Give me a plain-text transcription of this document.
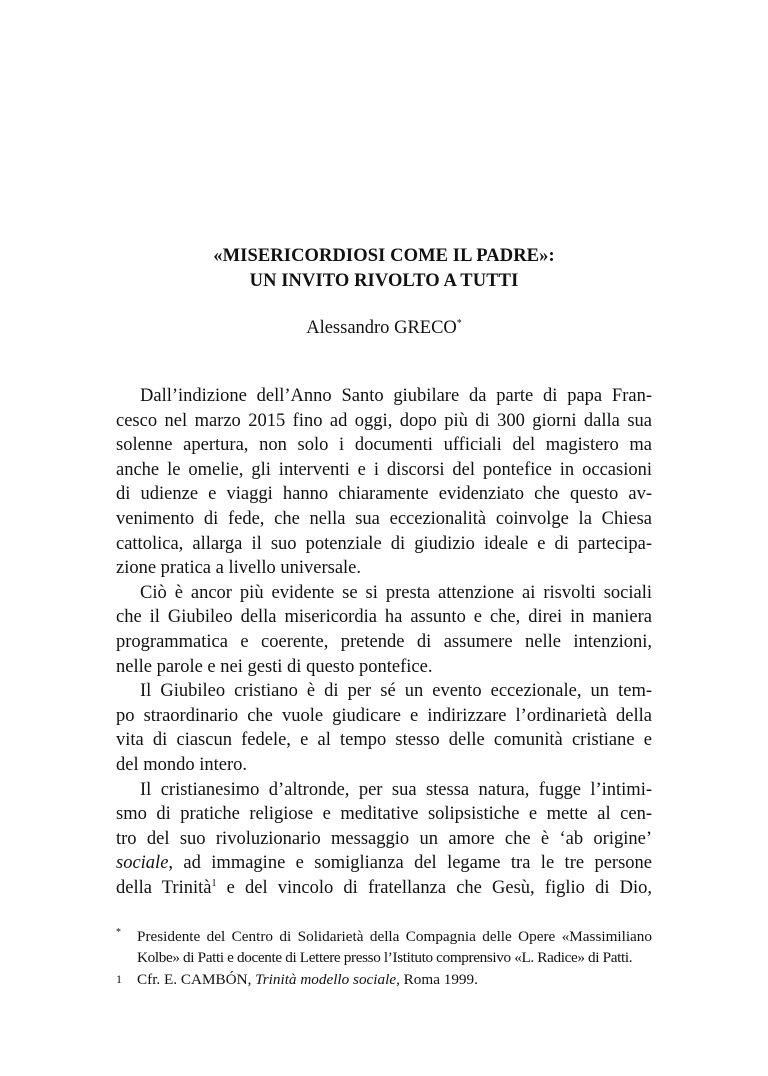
«MISERICORDIOSI COME IL PADRE»:
UN INVITO RIVOLTO A TUTTI
Alessandro GRECO*

Dall’indizione dell’Anno Santo giubilare da parte di papa Fran-
cesco nel marzo 2015 fino ad oggi, dopo più di 300 giorni dalla sua
solenne apertura, non solo i documenti ufficiali del magistero ma
anche le omelie, gli interventi e i discorsi del pontefice in occasioni
di udienze e viaggi hanno chiaramente evidenziato che questo av-
venimento di fede, che nella sua eccezionalità coinvolge la Chiesa
cattolica, allarga il suo potenziale di giudizio ideale e di partecipa-
zione pratica a livello universale.

Ciò è ancor più evidente se si presta attenzione ai risvolti sociali
che il Giubileo della misericordia ha assunto e che, direi in maniera
programmatica e coerente, pretende di assumere nelle intenzioni,
nelle parole e nei gesti di questo pontefice.

Il Giubileo cristiano è di per sé un evento eccezionale, un tem-
po straordinario che vuole giudicare e indirizzare l’ordinarietà della
vita di ciascun fedele, e al tempo stesso delle comunità cristiane e
del mondo intero.

Il cristianesimo d’altronde, per sua stessa natura, fugge l’intimi-
smo di pratiche religiose e meditative solipsistiche e mette al cen-
tro del suo rivoluzionario messaggio un amore che è ‘ab origine’
sociale, ad immagine e somiglianza del legame tra le tre persone
della Trinità$^1$ e del vincolo di fratellanza che Gesù, figlio di Dio,

* Presidente del Centro di Solidarietà della Compagnia delle Opere «Massimiliano
Kolbe» di Patti e docente di Lettere presso l’Istituto comprensivo «L. Radice» di Patti.
1 Cfr. E. CAMBÓN, Trinità modello sociale, Roma 1999.
